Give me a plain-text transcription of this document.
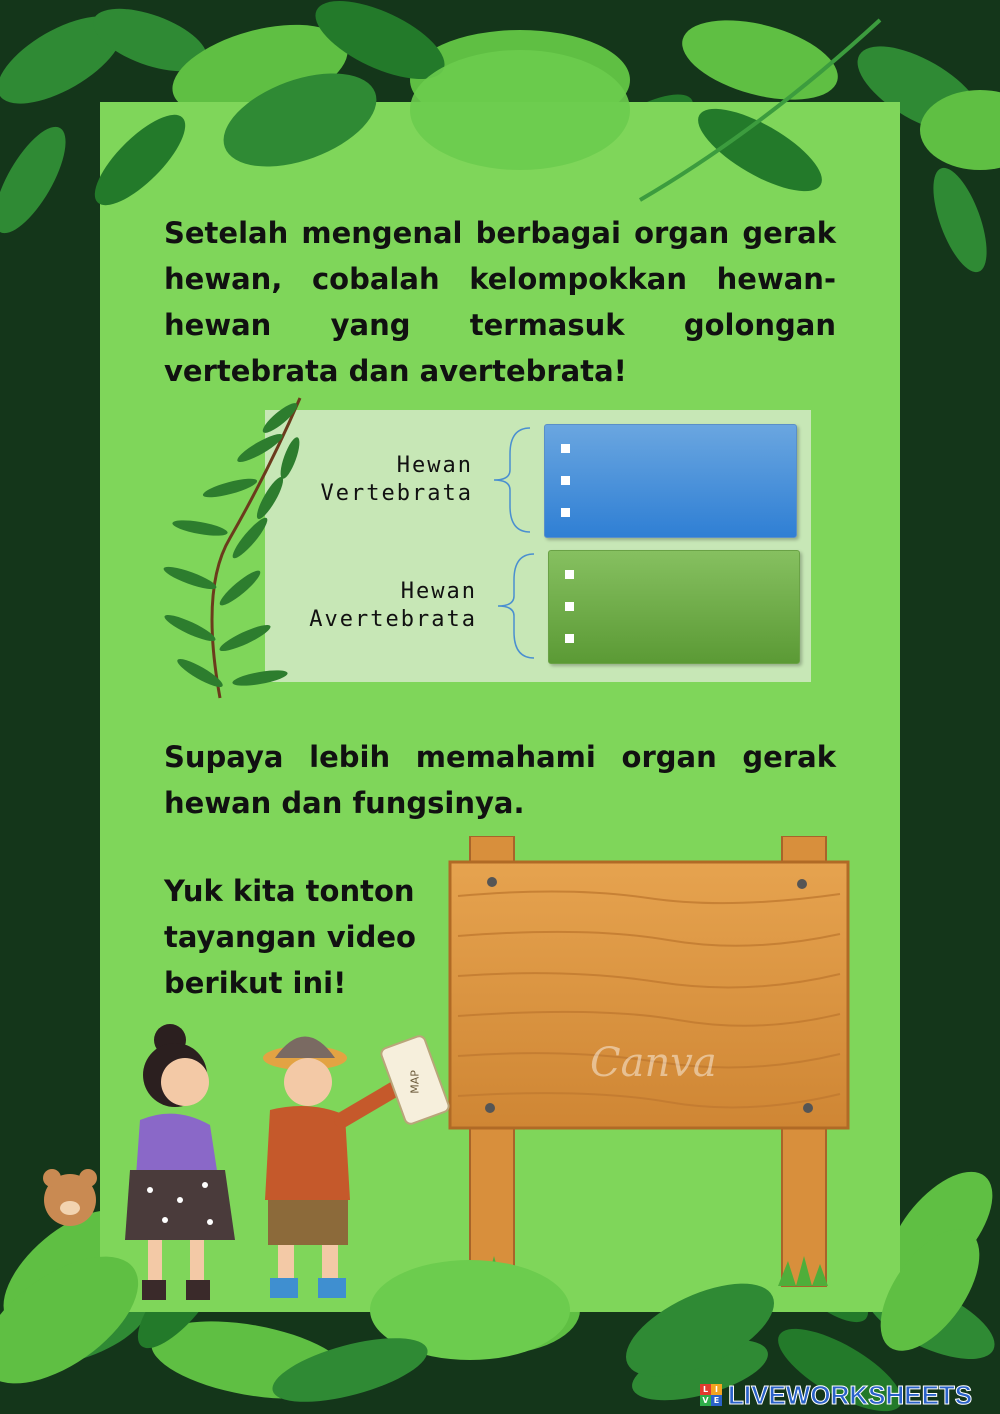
Setelah mengenal berbagai organ gerak hewan, cobalah kelompokkan hewan-hewan yang termasuk golongan vertebrata dan avertebrata!
Hewan
Vertebrata
Hewan
Avertebrata
Supaya lebih memahami organ gerak hewan dan fungsinya.
Yuk kita tonton tayangan video berikut ini!
MAP	Canva
L I
V E LIVEWORKSHEETS
